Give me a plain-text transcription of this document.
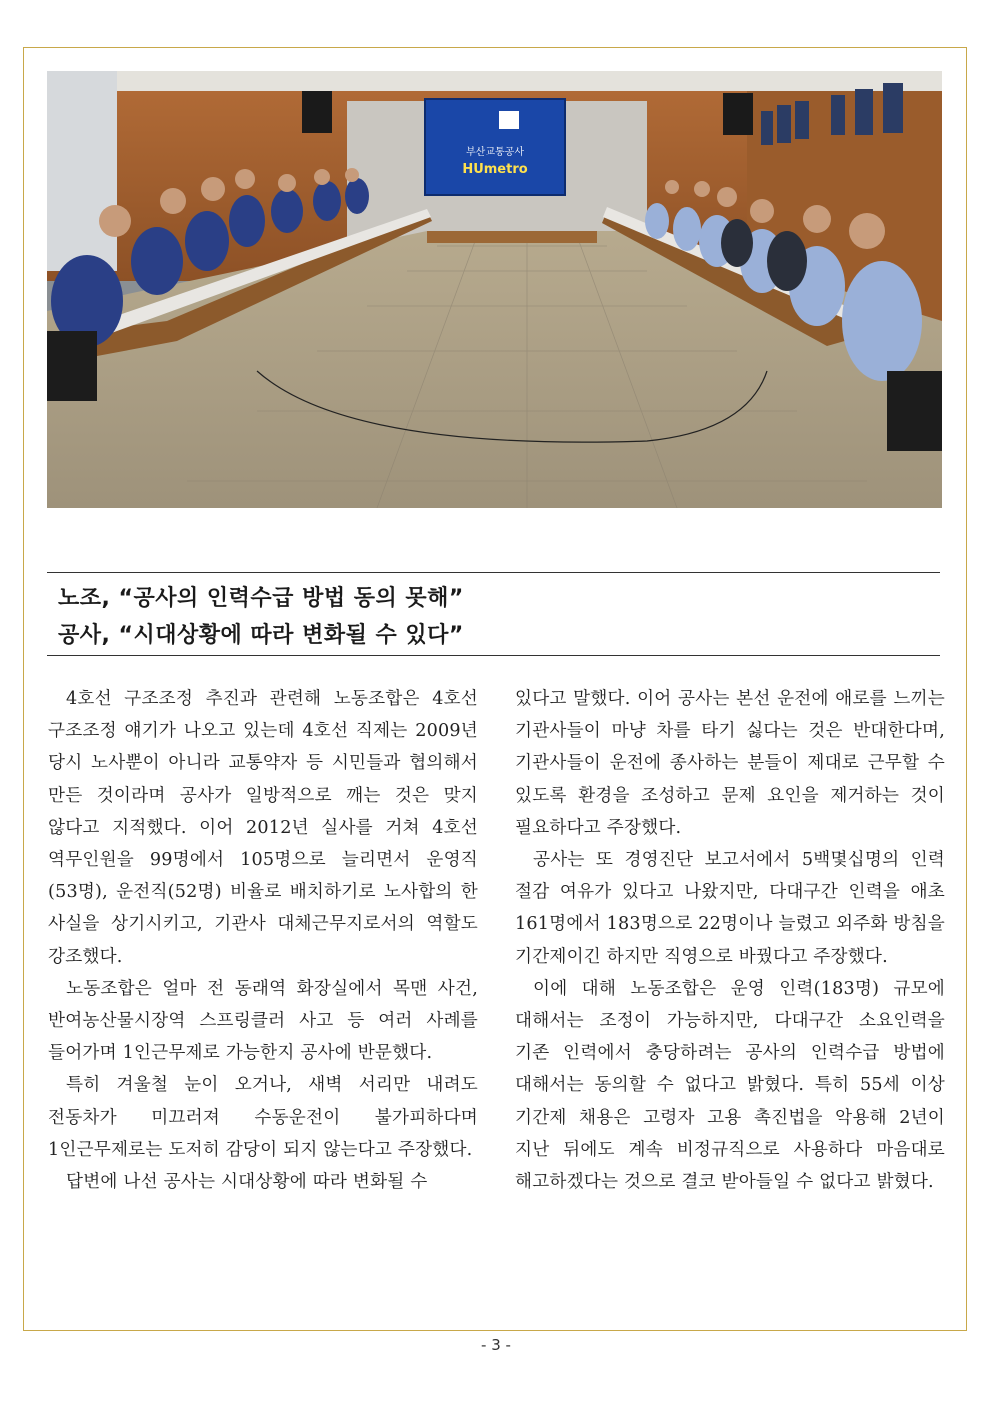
부산교통공사
HUmetro
노조, “공사의 인력수급 방법 동의 못해”
공사, “시대상황에 따라 변화될 수 있다”

4호선 구조조정 추진과 관련해 노동조합은 4호선 구조조정 얘기가 나오고 있는데 4호선 직제는 2009년 당시 노사뿐이 아니라 교통약자 등 시민들과 협의해서 만든 것이라며 공사가 일방적으로 깨는 것은 맞지 않다고 지적했다. 이어 2012년 실사를 거쳐 4호선 역무인원을 99명에서 105명으로 늘리면서 운영직(53명), 운전직(52명) 비율로 배치하기로 노사합의 한 사실을 상기시키고, 기관사 대체근무지로서의 역할도 강조했다.

노동조합은 얼마 전 동래역 화장실에서 목맨 사건, 반여농산물시장역 스프링클러 사고 등 여러 사례를 들어가며 1인근무제로 가능한지 공사에 반문했다.

특히 겨울철 눈이 오거나, 새벽 서리만 내려도 전동차가 미끄러져 수동운전이 불가피하다며 1인근무제로는 도저히 감당이 되지 않는다고 주장했다.

답변에 나선 공사는 시대상황에 따라 변화될 수

있다고 말했다. 이어 공사는 본선 운전에 애로를 느끼는 기관사들이 마냥 차를 타기 싫다는 것은 반대한다며, 기관사들이 운전에 종사하는 분들이 제대로 근무할 수 있도록 환경을 조성하고 문제 요인을 제거하는 것이 필요하다고 주장했다.

공사는 또 경영진단 보고서에서 5백몇십명의 인력 절감 여유가 있다고 나왔지만, 다대구간 인력을 애초 161명에서 183명으로 22명이나 늘렸고 외주화 방침을 기간제이긴 하지만 직영으로 바꿨다고 주장했다.

이에 대해 노동조합은 운영 인력(183명) 규모에 대해서는 조정이 가능하지만, 다대구간 소요인력을 기존 인력에서 충당하려는 공사의 인력수급 방법에 대해서는 동의할 수 없다고 밝혔다. 특히 55세 이상 기간제 채용은 고령자 고용 촉진법을 악용해 2년이 지난 뒤에도 계속 비정규직으로 사용하다 마음대로 해고하겠다는 것으로 결코 받아들일 수 없다고 밝혔다.

- 3 -
